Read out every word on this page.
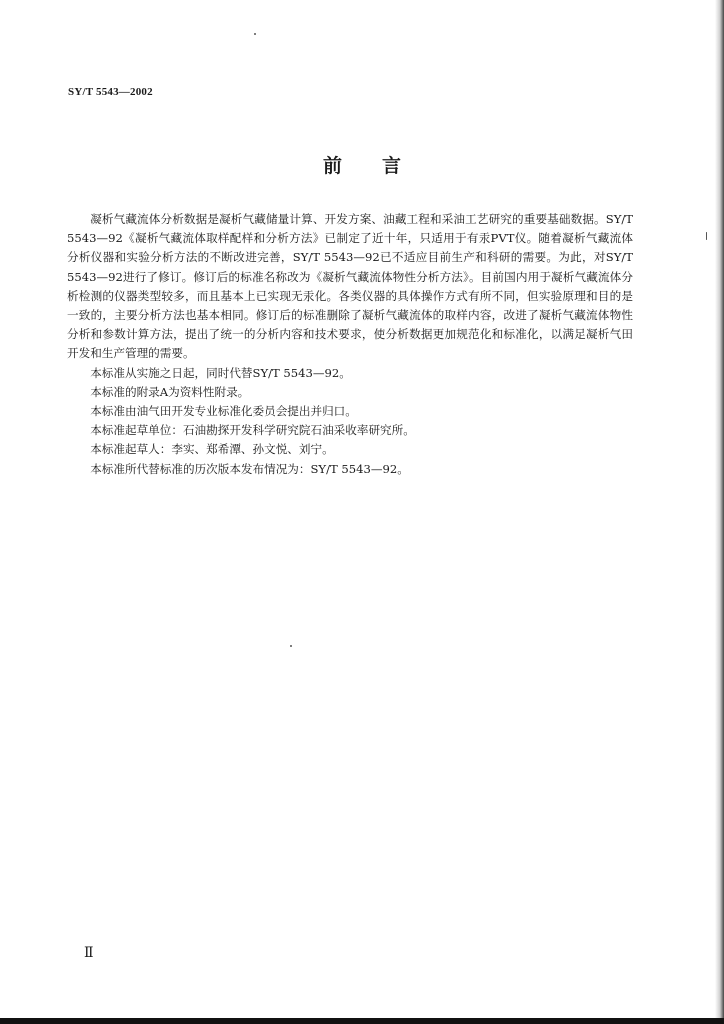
SY/T 5543—2002
前 言

凝析气藏流体分析数据是凝析气藏储量计算、开发方案、油藏工程和采油工艺研究的重要基础数据。SY/T 5543—92《凝析气藏流体取样配样和分析方法》已制定了近十年，只适用于有汞PVT仪。随着凝析气藏流体分析仪器和实验分析方法的不断改进完善，SY/T 5543—92已不适应目前生产和科研的需要。为此，对SY/T 5543—92进行了修订。修订后的标准名称改为《凝析气藏流体物性分析方法》。目前国内用于凝析气藏流体分析检测的仪器类型较多，而且基本上已实现无汞化。各类仪器的具体操作方式有所不同，但实验原理和目的是一致的，主要分析方法也基本相同。修订后的标准删除了凝析气藏流体的取样内容，改进了凝析气藏流体物性分析和参数计算方法，提出了统一的分析内容和技术要求，使分析数据更加规范化和标准化，以满足凝析气田开发和生产管理的需要。

本标准从实施之日起，同时代替SY/T 5543—92。

本标准的附录A为资料性附录。

本标准由油气田开发专业标准化委员会提出并归口。

本标准起草单位：石油勘探开发科学研究院石油采收率研究所。

本标准起草人：李实、郑希潭、孙文悦、刘宁。

本标准所代替标准的历次版本发布情况为：SY/T 5543—92。

Ⅱ
